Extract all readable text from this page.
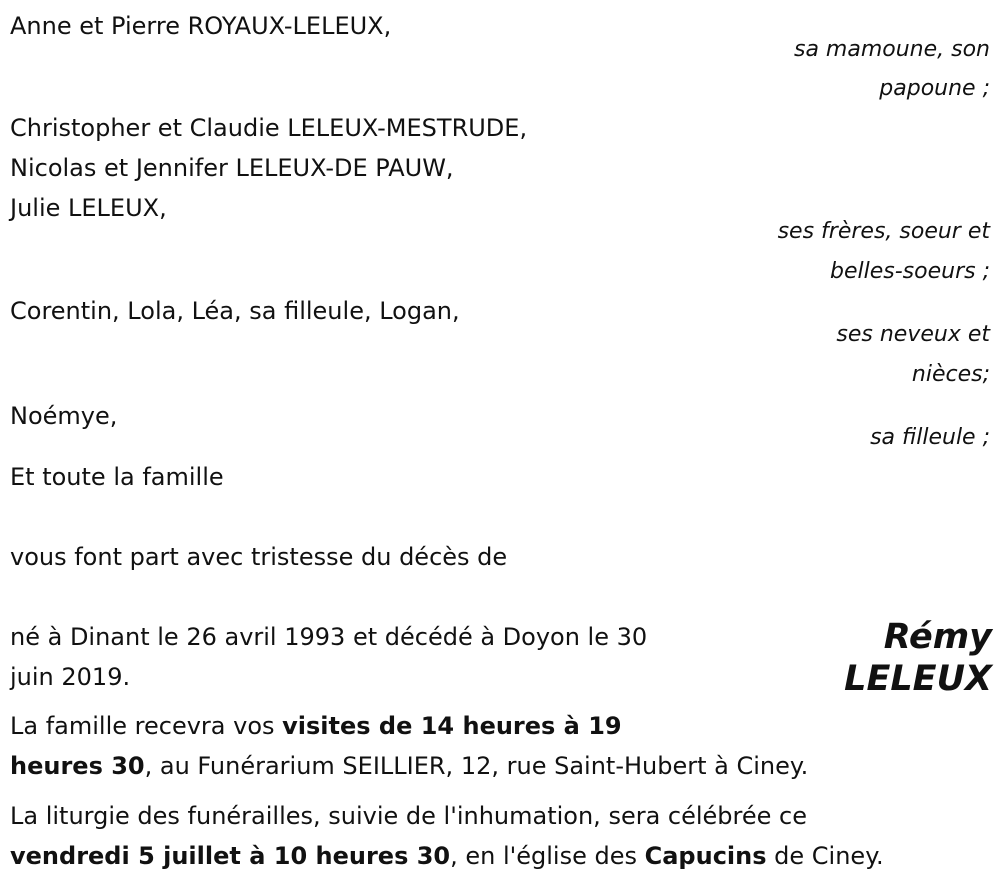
Anne et Pierre ROYAUX-LELEUX,
sa mamoune, son
papoune ;
Christopher et Claudie LELEUX-MESTRUDE,
Nicolas et Jennifer LELEUX-DE PAUW,
Julie LELEUX,
ses frères, soeur et
belles-soeurs ;
Corentin, Lola, Léa, sa filleule, Logan,
ses neveux et
nièces;
Noémye,
sa filleule ;
Et toute la famille
vous font part avec tristesse du décès de
né à Dinant le 26 avril 1993 et décédé à Doyon le 30
juin 2019.
Rémy
LELEUX
La famille recevra vos visites de 14 heures à 19
heures 30, au Funérarium SEILLIER, 12, rue Saint-Hubert à Ciney.
La liturgie des funérailles, suivie de l'inhumation, sera célébrée ce
vendredi 5 juillet à 10 heures 30, en l'église des Capucins de Ciney.
